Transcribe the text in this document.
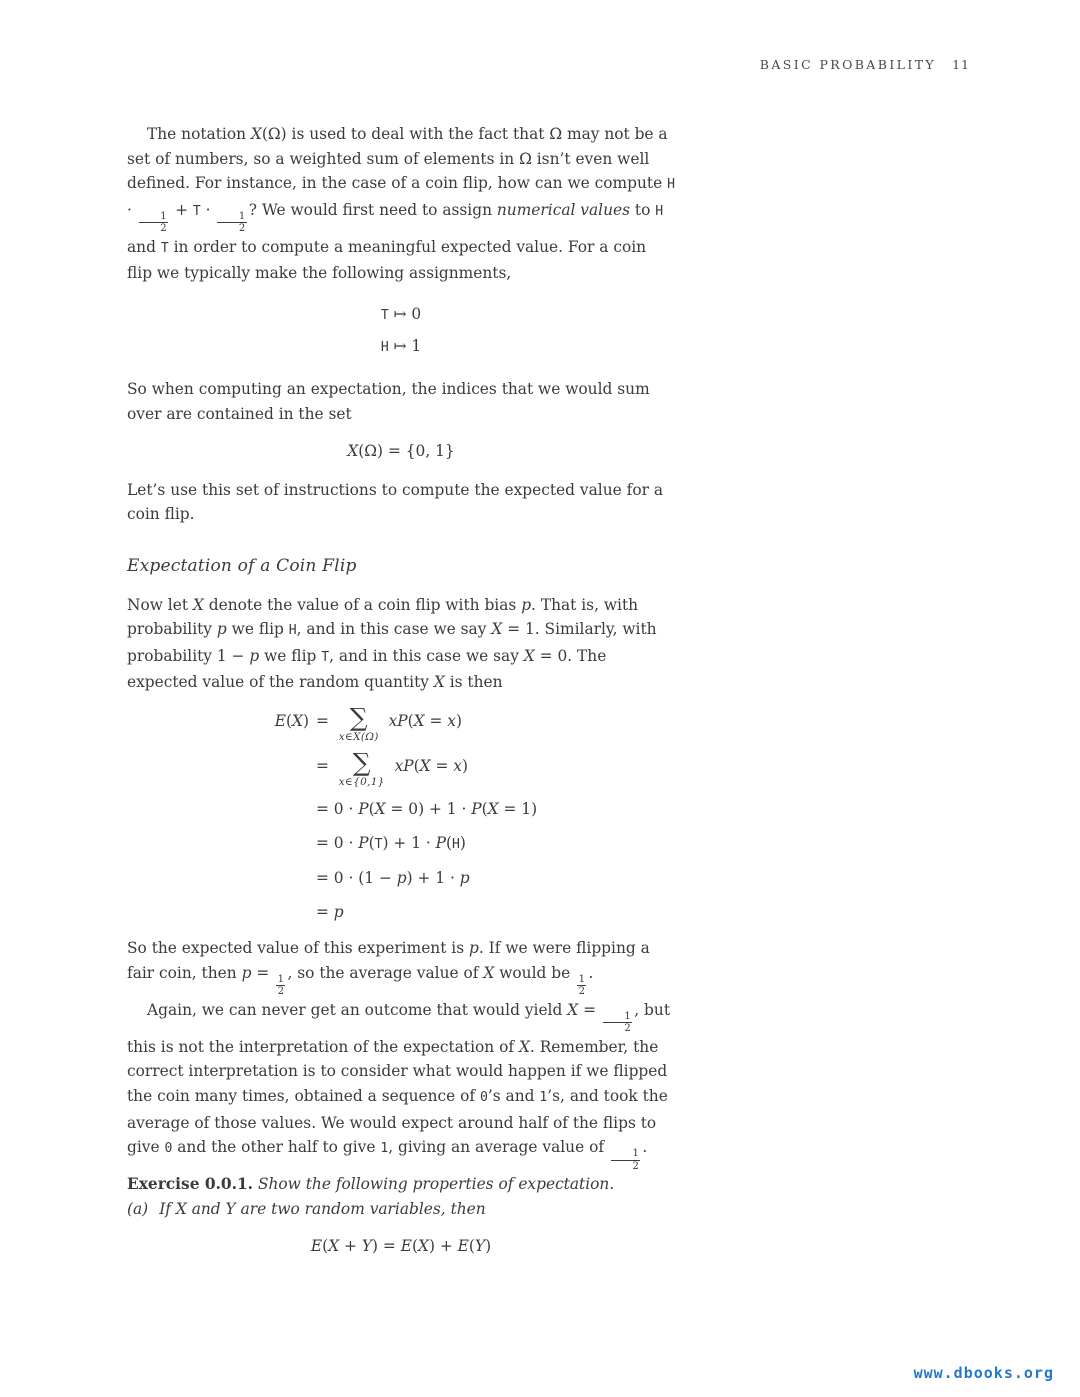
BASIC PROBABILITY 11

The notation X(Ω) is used to deal with the fact that Ω may not be a set of numbers, so a weighted sum of elements in Ω isn’t even well defined. For instance, in the case of a coin flip, how can we compute H ·
$\frac{1}{2}$
+ T ·
$\frac{1}{2}$
? We would first need to assign numerical values to H and T in order to compute a meaningful expected value. For a coin flip we typically make the following assignments,

T ↦ 0
H ↦ 1

So when computing an expectation, the indices that we would sum over are contained in the set

X(Ω) = {0, 1}

Let’s use this set of instructions to compute the expected value for a coin flip.

Expectation of a Coin Flip

Now let X denote the value of a coin flip with bias p. That is, with probability p we flip H, and in this case we say X = 1. Similarly, with probability 1 − p we flip T, and in this case we say X = 0. The expected value of the random quantity X is then

E(X) = ∑
x∈X(Ω)
xP(X = x)
= ∑
x∈{0,1}
xP(X = x)
= 0 · P(X = 0) + 1 · P(X = 1)
= 0 · P(T) + 1 · P(H)
= 0 · (1 − p) + 1 · p
= p

So the expected value of this experiment is p. If we were flipping a fair coin, then p =
$\frac{1}{2}$
, so the average value of X would be
$\frac{1}{2}$
.

Again, we can never get an outcome that would yield X =
$\frac{1}{2}$
, but this is not the interpretation of the expectation of X. Remember, the correct interpretation is to consider what would happen if we flipped the coin many times, obtained a sequence of 0’s and 1’s, and took the average of those values. We would expect around half of the flips to give 0 and the other half to give 1, giving an average value of
$\frac{1}{2}$
.

Exercise 0.0.1. Show the following properties of expectation.

(a) If X and Y are two random variables, then

E(X + Y) = E(X) + E(Y)
www.dbooks.org
